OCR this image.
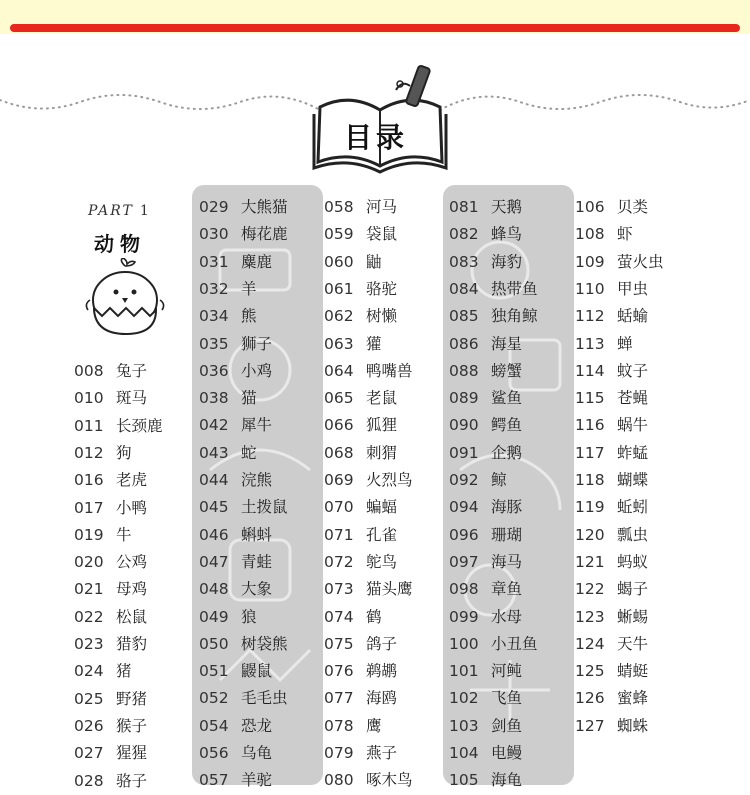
目录
PART 1
动物
008 兔子
010 斑马
011 长颈鹿
012 狗
016 老虎
017 小鸭
019 牛
020 公鸡
021 母鸡
022 松鼠
023 猎豹
024 猪
025 野猪
026 猴子
027 猩猩
028 骆子
029 大熊猫
030 梅花鹿
031 麋鹿
032 羊
034 熊
035 狮子
036 小鸡
038 猫
042 犀牛
043 蛇
044 浣熊
045 土拨鼠
046 蝌蚪
047 青蛙
048 大象
049 狼
050 树袋熊
051 鼹鼠
052 毛毛虫
054 恐龙
056 乌龟
057 羊驼
058 河马
059 袋鼠
060 鼬
061 骆驼
062 树懒
063 獾
064 鸭嘴兽
065 老鼠
066 狐狸
068 刺猬
069 火烈鸟
070 蝙蝠
071 孔雀
072 鸵鸟
073 猫头鹰
074 鹤
075 鸽子
076 鹈鹕
077 海鸥
078 鹰
079 燕子
080 啄木鸟
081 天鹅
082 蜂鸟
083 海豹
084 热带鱼
085 独角鲸
086 海星
088 螃蟹
089 鲨鱼
090 鳄鱼
091 企鹅
092 鲸
094 海豚
096 珊瑚
097 海马
098 章鱼
099 水母
100 小丑鱼
101 河鲀
102 飞鱼
103 剑鱼
104 电鳗
105 海龟
106 贝类
108 虾
109 萤火虫
110 甲虫
112 蛞蝓
113 蝉
114 蚊子
115 苍蝇
116 蜗牛
117 蚱蜢
118 蝴蝶
119 蚯蚓
120 瓢虫
121 蚂蚁
122 蝎子
123 蜥蜴
124 天牛
125 蜻蜓
126 蜜蜂
127 蜘蛛
